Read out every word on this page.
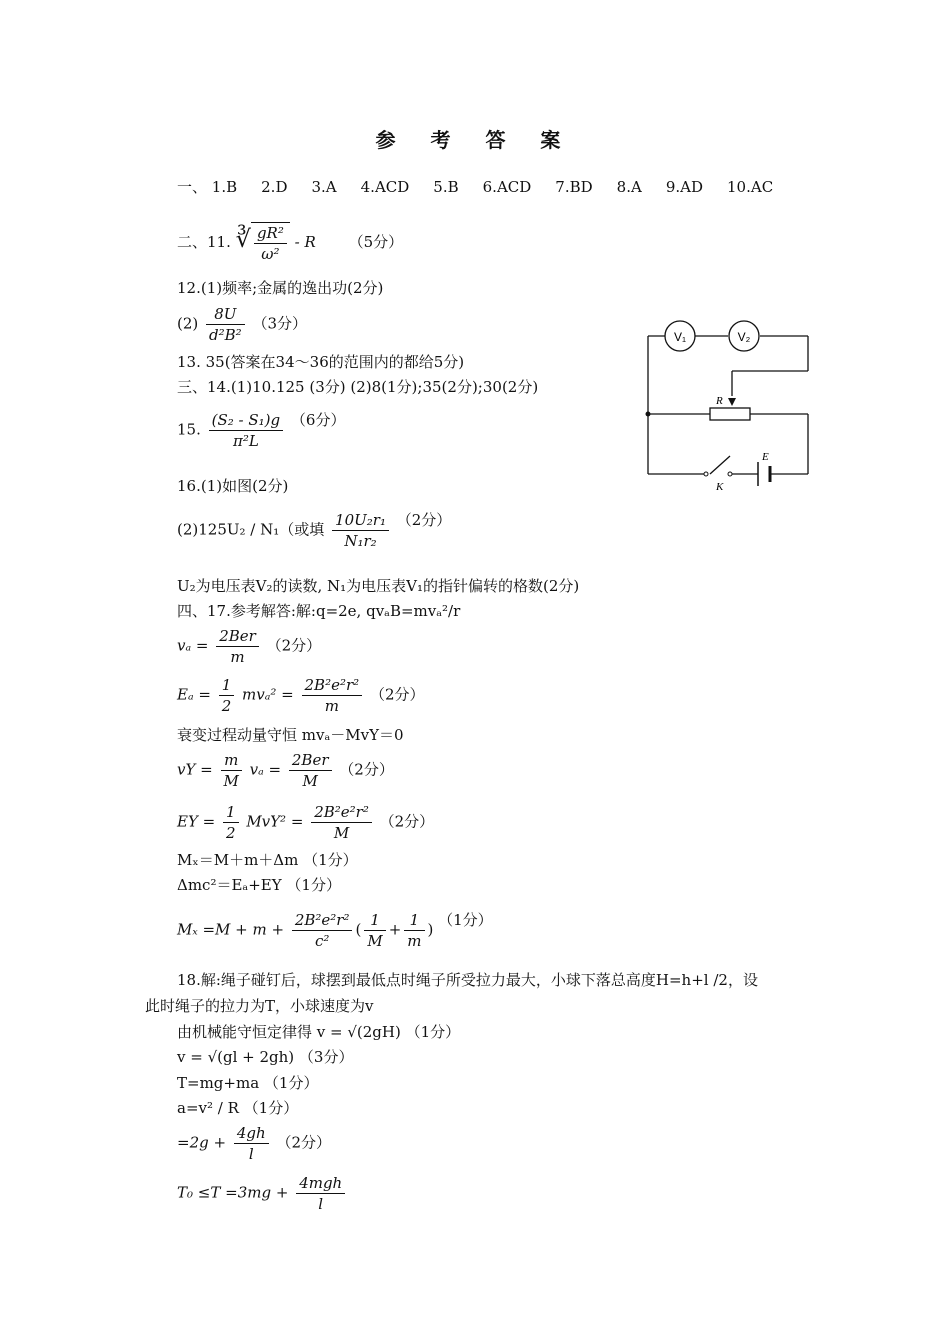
参 考 答 案
一、 1.B 2.D 3.A 4.ACD 5.B 6.ACD 7.BD 8.A 9.AD 10.AC
二、11. ∛ $\frac{\text{gR²}}{\text{ω²}}$ - R （5分）
12.(1)频率;金属的逸出功(2分)
$(2) \frac{8U}{\text{d²B²}} (3$分）
13. 35(答案在34～36的范围内的都给5分)
三、14.(1)10.125 (3分) (2)8(1分);35(2分);30(2分)
15. $\frac{\text{(S₂ - S₁)g}}{\text{π²L}} (6$分）
16.(1)如图(2分)
(2)125U₂ / N₁（或填 $\frac{\text{10U₂r₁}}{\text{N₁r₂}} (2$分）
U₂为电压表V₂的读数, N₁为电压表V₁的指针偏转的格数(2分)
四、17.参考解答:解:q=2e, qvₐB=mvₐ²/r
$v_a = \frac{\text{2Ber}}{m} (2$分）
$E_a = \frac{1}{2} mv_a^2 = \frac{\text{2B²e²r²}}{m} (2$分）
衰变过程动量守恒 mvₐ－MvY＝0
vY = $\frac{m}{M}$ $v_a = \frac{\text{2Ber}}{M} (2$分）
EY = $\frac{1}{2} MvY^2 = \frac{\text{2B²e²r²}}{M} (2$分）
Mₓ＝M＋m＋Δm （1分）
Δmc²＝Eₐ+EY （1分）
$M_x =M + m + \frac{\text{2B²e²r²}}{\text{c²}}$ ( $\frac{1}{M} + \frac{1}{m}$ ) （1分）
18.解:绳子碰钉后，球摆到最低点时绳子所受拉力最大，小球下落总高度H=h+l /2，设
此时绳子的拉力为T，小球速度为v
由机械能守恒定律得 v = √(2gH) （1分）
v = √(gl + 2gh) （3分）
T=mg+ma （1分）
a=v² / R （1分）
$=2g + \frac{4gh}{l} (2$分）
$T_0 \le T =3mg + \frac{\text{4mgh}}{l}$
V₁	V₂
R
K
E
